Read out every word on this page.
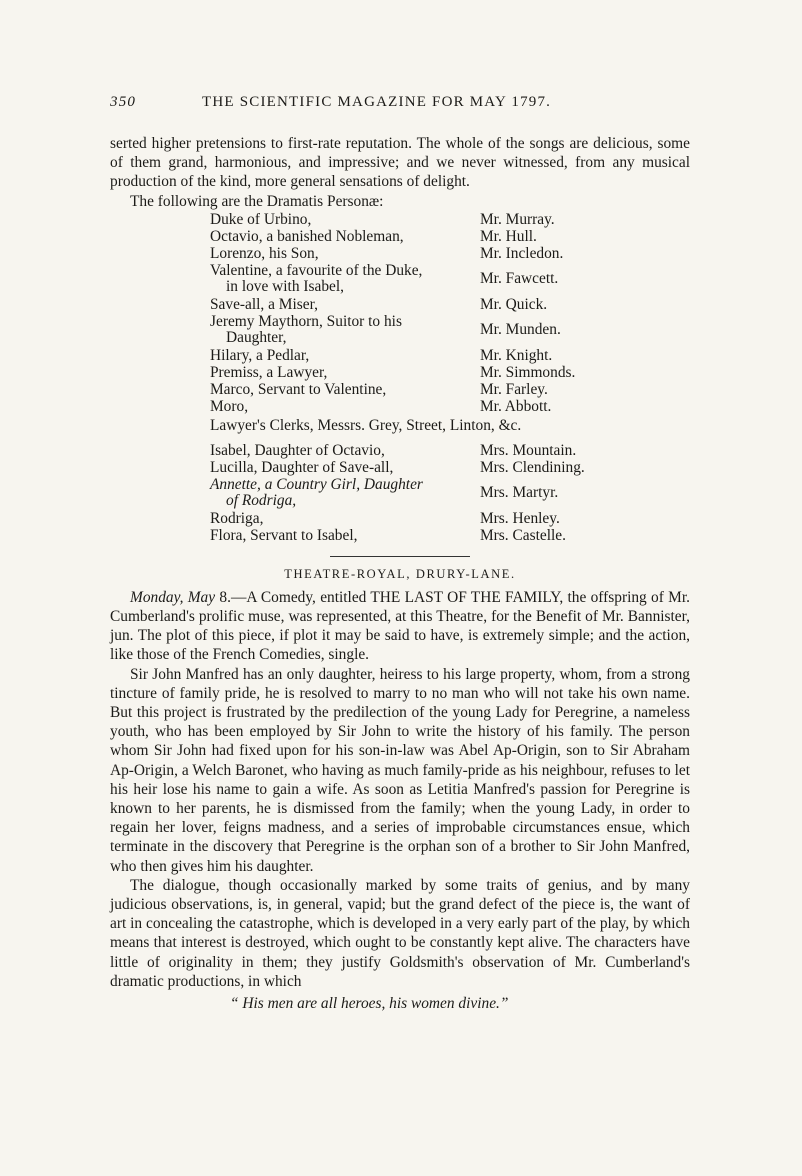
350	THE SCIENTIFIC MAGAZINE FOR MAY 1797.

serted higher pretensions to first-rate reputation. The whole of the songs are delicious, some of them grand, harmonious, and impressive; and we never witnessed, from any musical production of the kind, more general sensations of delight.

The following are the Dramatis Personæ:

Duke of Urbino,	Mr. Murray.
Octavio, a banished Nobleman,	Mr. Hull.
Lorenzo, his Son,	Mr. Incledon.
Valentine, a favourite of the Duke,
in love with Isabel,	Mr. Fawcett.
Save-all, a Miser,	Mr. Quick.
Jeremy Maythorn, Suitor to his
Daughter,	Mr. Munden.
Hilary, a Pedlar,	Mr. Knight.
Premiss, a Lawyer,	Mr. Simmonds.
Marco, Servant to Valentine,	Mr. Farley.
Moro,	Mr. Abbott.
Lawyer's Clerks, Messrs. Grey, Street, Linton, &c.
Isabel, Daughter of Octavio,	Mrs. Mountain.
Lucilla, Daughter of Save-all,	Mrs. Clendining.
Annette, a Country Girl, Daughter
of Rodriga,	Mrs. Martyr.
Rodriga,	Mrs. Henley.
Flora, Servant to Isabel,	Mrs. Castelle.
THEATRE-ROYAL, DRURY-LANE.

Monday, May 8.—A Comedy, entitled THE LAST OF THE FAMILY, the offspring of Mr. Cumberland's prolific muse, was represented, at this Theatre, for the Benefit of Mr. Bannister, jun. The plot of this piece, if plot it may be said to have, is extremely simple; and the action, like those of the French Comedies, single.

Sir John Manfred has an only daughter, heiress to his large property, whom, from a strong tincture of family pride, he is resolved to marry to no man who will not take his own name. But this project is frustrated by the predilection of the young Lady for Peregrine, a nameless youth, who has been employed by Sir John to write the history of his family. The person whom Sir John had fixed upon for his son-in-law was Abel Ap-Origin, son to Sir Abraham Ap-Origin, a Welch Baronet, who having as much family-pride as his neighbour, refuses to let his heir lose his name to gain a wife. As soon as Letitia Manfred's passion for Peregrine is known to her parents, he is dismissed from the family; when the young Lady, in order to regain her lover, feigns madness, and a series of improbable circumstances ensue, which terminate in the discovery that Peregrine is the orphan son of a brother to Sir John Manfred, who then gives him his daughter.

The dialogue, though occasionally marked by some traits of genius, and by many judicious observations, is, in general, vapid; but the grand defect of the piece is, the want of art in concealing the catastrophe, which is developed in a very early part of the play, by which means that interest is destroyed, which ought to be constantly kept alive. The characters have little of originality in them; they justify Goldsmith's observation of Mr. Cumberland's dramatic productions, in which

“ His men are all heroes, his women divine.”
